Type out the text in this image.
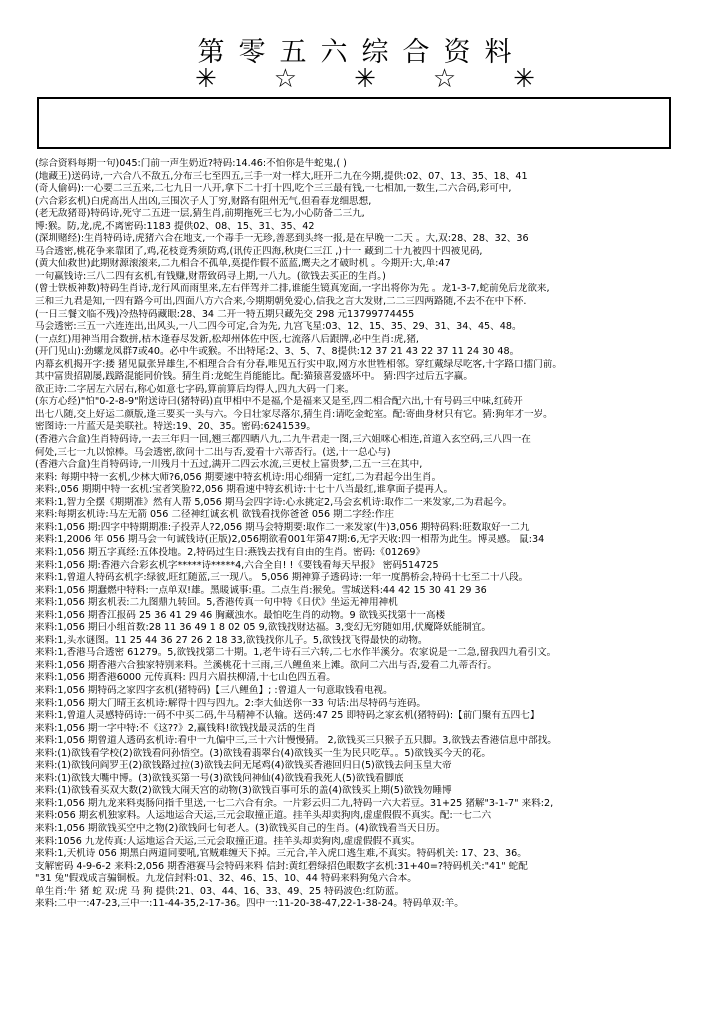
第零五六综合资料
✳ ☆ ✳ ☆ ✳
(综合资料每期一句)045:门前一声生奶近?特码:14.46:不怕你是牛蛇鬼,( )
(地藏王)送码诗,一六合八不敌五,分布三七至四五,三手一对一样大,旺开二九在今期,提供:02、07、13、35、18、41
(奇人偷码):一心要二三五来,二七九日一八开,拿下二十打十四,吃个三三最有钱,一七相加,一数生,二六合码,彩可中,
(六合彩玄机)白虎高出人出凶,三围次子人丁穷,财路有阻州无气,但看春龙细思想,
(老无敌猪哥)特码诗,死守二五进一层,猜生肖,前期拖死三七为,小心防备二三九,
博:猴。防,龙,虎,不离密码:1183 提供02、08、15、31、35、42
(深圳赌经):生肖特码诗,虎猪六合在地支,一个毒手一无珍,善恶到头终一报,是在早晚一二天 。大,双:28、28、32、36
马合透密,桃花争来靠团了,鸡,花枝竟秀须防鸡,(讯传正四海,秋庚仁三江 ,)十一 藏到二十九被四十四被见码,
(黄大仙救世)此期财源滚滚来,二九相合不孤单,莫提作假不蓝蓝,鹰夫之才破时机 。今期开:大,单:47
一句赢钱诗:三八二四有玄机,有钱赚,财帮致码寻上期,一八九。(欲钱去买正的生肖。)
(曾士铁板神数)特码生肖诗,龙行风而雨里来,左右伴驾并二排,谁能生镜真宠面,一字出将你为先 。龙1-3-7,蛇前免后龙欲来,
三和三九君是知,一四有路今可出,四面八方六合来,今期期朝免爱心,信我之言大发财,二二三四两路随,不去不在中下杯.
(一日三餐文临不残)冷热特码藏眼:28、34 二开一特五期只藏先交 298 元13799774455
马会透密:三五一六连连出,出风头,一八二四今可定,合为先, 九宫飞星:03、12、15、35、29、31、34、45、48。
(一点红)用神当用合数拼,枯木逢春尽发新,松却州体佐中医,七流落八后跟牌,必中生肖:虎,猪,
(开门见山):劲螺龙凤群7或40。必中牛或猴。不出特尾:2、3、5、7、8提供:12 37 21 43 22 37 11 24 30 48。
内幕玄机揭开字:搂 猪见鼠张异雄生,不相理合合有分春,唯见五行实中取,网方水世牲相邻。穿红戴绿尽吃客,十字路口擂门前。
其中富贵招剧屡,践路混能同价钱。猜生肖:龙蛇生肖能能比。配:猫猿喜爱盛坏中。 猜:四字过后五字赢。
欲正诗:二字居左六居右,称心如意七字码,算前算后均得人,四九大码一门来。
(东方心经)"怕"0-2-8-9"附送诗曰(猪特码)直甲相中不是福,个是福来又是至,四二相合配六出,十有号码三中味,红砖开
出七八随,交上好运二颜版,逢三要买一头与六。今日壮家尽落尔,猜生肖:请吃金蛇室。配:寄曲身材只有它。猜:狗年才一岁。
密图诗:一片蓝天是美联社。特送:19、20、35。密码:6241539。
(香港六合盒)生肖特码诗,一去三年归一回,翘三都四晒八九,二九牛君走一图,三六姐咪心相连,首道入玄空码,三八四一在
何处,三七一九以惊棒。马会透密,欲问十二出与否,爱看十六蒂否行。(送,十一总心与)
(香港六合盒)生肖特码诗,一川残月十五过,满开二四云水流,三更杖上富贵梦,二五一三在其中,
来料: 每期中特一玄机,少林大师?6,056 期要速中特玄机诗:用心细猜一定红,二为君起今出生肖。
来料:,056 期期中特一玄机:宝者笑脸?2,056 期看速中特玄机诗:十七十八当最红,谁拿面子提再人。
来料:1,智力全摆《期期准》然有人帮 5,056 期马会四字诗:心永挑定2,马会玄机诗:取作二一来发家,二为君起今。
来料:每期玄机诗:马左无箭 056 二径神红诚玄机 欲钱看找你爸爸 056 期二字经:作庄
来料:1,056 期:四字中特期期准:子投弄人?2,056 期马会特期要:取作二一来发家(牛)3,056 期特码料:旺数取好一二九
来料:1,2006 年 056 期马会一句诚钱诗(正版)2,056期欲看001年第47期:6,无字天收:四一相帮为此生。博灵感。 鼠:34
来料:1,056 期五字真经:五体投地。2,特码过生日:燕钱去找有自由的生肖。密码:《01269》
来料:1,056 期:香港六合彩玄机字*****诗*****4,六合全自! !《要钱看每天早报》 密码514725
来料:1,曾道人特码玄机字:绿彼,旺红随蓝,三一现八。 5,056 期神算子透码诗:一年一度鹊桥会,特码十七至二十八段。
来料:1,056 期蠢燃中特料:一点单双!雄。黑暖诚事:重。二点生肖:猴免。雪城送料:44 42 15 30 41 29 36
来料:1,056 期玄机表:二九图鼎九转回。5,香港传真一句中特《日伏》坐运无神用神机
来料:1,056 期香江报码 25 36 41 29 46 胸藏浊水。最怕吃生肖的动物。9 欲钱买找第十一高楼
来料:1,056 期曰小组首数:28 11 36 49 1 8 02 05 9,欲钱找财达福。3,变幻无穷随如用,伏魔降妖能制宜。
来料:1,头水谜图。11 25 44 36 27 26 2 18 33,欲钱找你儿子。5,欲钱找飞得最快的动物。
来料:1,香港马合透密 61279。5,欲钱找第二十期。1,老牛诗石三六转,二七水作半溪分。农家说是一二急,留我四九看引文。
来料:1,056 期香港六合独家特别来料。兰溪桃花十三雨,三八鲤鱼来上滩。欲问二六出与否,爱看二九蒂否行。
来料:1,056 期香港6000 元传真料: 四月六眉扶柳清,十七山色四五看。
来料:1,056 期特码之家四字玄机(猪特码)【三八鲤鱼】; :曾道人一句意取钱看电视。
来料:1,056 期大门晴王玄机诗:解得十四与四九。2:李大仙送你一33 句话:出尽特码与连码。
来料:1,曾道人灵感特码诗:一码不中买二码,牛马精神不认输。送码:47 25 即特码之家玄机(猪特码):【前门聚有五四七】
来料:1,056 期一字中特:不《这??》2,赢钱料!欲钱找最灵活的生肖
来料:1,056 期曾道人透码玄机诗:看中一九偏中三,三十六计慢慢猜。 2,欲钱买三只猴子五只脚。3,欲钱去香港信息中部找。
来料:(1)欲钱看学校(2)欲钱看问孙悟空。(3)欲钱看翡翠台(4)欲钱买一生为民只吃草。。5)欲钱买今天的花。
来料:(1)欲钱问阎罗王(2)欲钱路过拉(3)欲钱去问无尾鸡(4)欲钱买香港回归日(5)欲钱去问玉皇大帝
来料:(1)欲钱大嘴中博。(3)欲钱买第一号(3)欲钱问神仙(4)欲钱看我死人(5)欲钱看脚底
来料:(1)欲钱看买双大数(2)欲钱大闹天宫的动物(3)欲钱百事可乐的盖(4)欲钱买上期(5)欲钱勿睡博
来料:1,056 期九龙来料夷肠问指千里送,一七二六合有余。一片彩云归二九,特码一六大若豆。31+25 猪解"3-1-7" 来料:2,
来料:056 期玄机独家料。人运地运合天运,三元会取撞正道。挂羊头却卖狗肉,虚虚假假不真实。配:一七二六
来料:1,056 期欲钱买空中之物(2)欲钱问七旬老人。(3)欲钱买自己的生肖。(4)欲钱看当天日历。
来料:1056 九龙传真:人运地运合天运,三元会取撞正道。挂羊头却卖狗肉,虚虚假假不真实。
来料:1,天机诗 056 期黑白两道同要吼,官贼难缠天下掉。三元合,羊入虎口逃生难,不真实。特码机关: 17、23、36。
支解密码 4-9-6-2 来料:2,056 期香港赛马会特码来料 信封:黄红碧绿招色眼数字玄机:31+40=?特码机关:"41" 蛇配
"31 兔"假戏成言骗铜板。九龙信封料:01、32、46、15、10、44 特码来料狗兔六合本。
单生肖:牛 猪 蛇 双:虎 马 狗 提供:21、03、44、16、33、49、25 特码波色:红防蓝。
来料:二中一:47-23,三中一:11-44-35,2-17-36。四中一:11-20-38-47,22-1-38-24。特码单双:羊。
